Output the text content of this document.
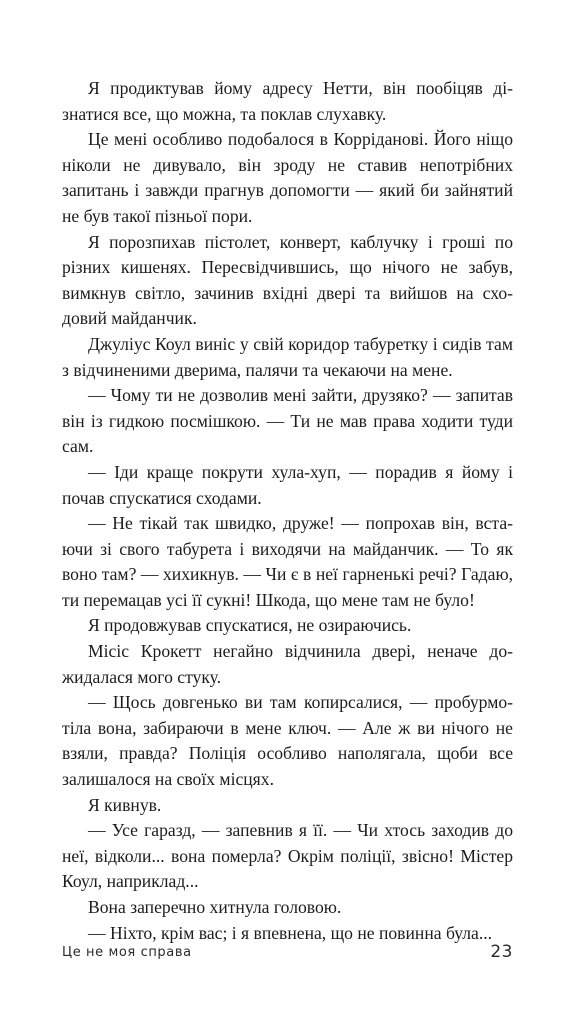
Я продиктував йому адресу Нетти, він пообіцяв дізнатися все, що можна, та поклав слухавку.

Це мені особливо подобалося в Корріданові. Його ніщо ніколи не дивувало, він зроду не ставив непотрібних запитань і завжди прагнув допомогти — який би зайнятий не був такої пізньої пори.

Я порозпихав пістолет, конверт, каблучку і гроші по різних кишенях. Пересвідчившись, що нічого не забув, вимкнув світло, зачинив вхідні двері та вийшов на сходовий майданчик.

Джуліус Коул виніс у свій коридор табуретку і сидів там з відчиненими дверима, палячи та чекаючи на мене.

— Чому ти не дозволив мені зайти, друзяко? — запитав він із гидкою посмішкою. — Ти не мав права ходити туди сам.

— Іди краще покрути хула-хуп, — порадив я йому і почав спускатися сходами.

— Не тікай так швидко, друже! — попрохав він, встаючи зі свого табурета і виходячи на майданчик. — То як воно там? — хихикнув. — Чи є в неї гарненькі речі? Гадаю, ти перемацав усі її сукні! Шкода, що мене там не було!

Я продовжував спускатися, не озираючись.

Місіс Крокетт негайно відчинила двері, неначе дожидалася мого стуку.

— Щось довгенько ви там копирсалися, — пробурмотіла вона, забираючи в мене ключ. — Але ж ви нічого не взяли, правда? Поліція особливо наполягала, щоби все залишалося на своїх місцях.

Я кивнув.

— Усе гаразд, — запевнив я її. — Чи хтось заходив до неї, відколи... вона померла? Окрім поліції, звісно! Містер Коул, наприклад...

Вона заперечно хитнула головою.

— Ніхто, крім вас; і я впевнена, що не повинна була...

Це не моя справа	23
